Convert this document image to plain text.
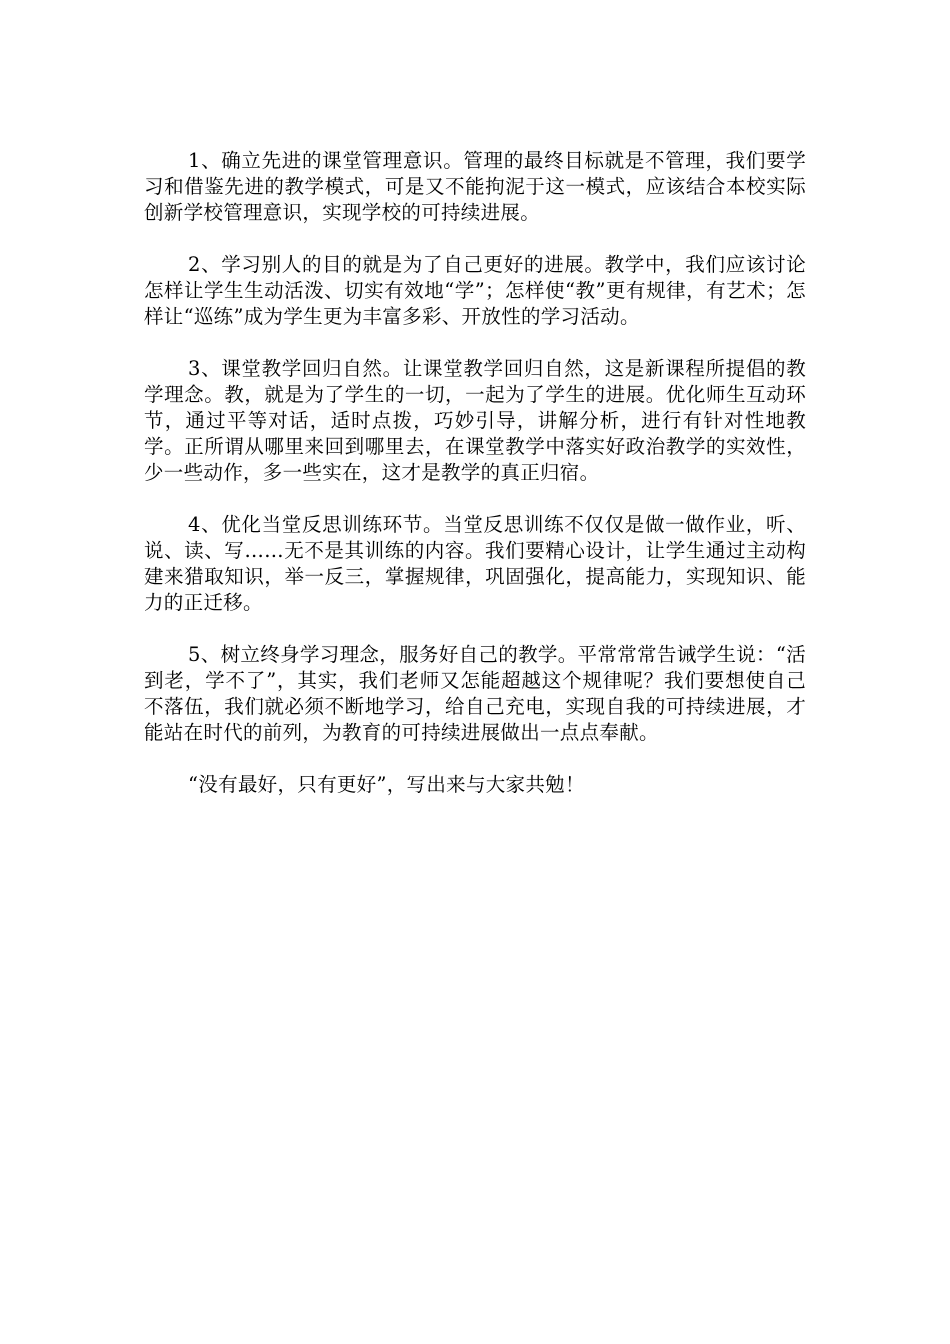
1、确立先进的课堂管理意识。管理的最终目标就是不管理，我们要学习和借鉴先进的教学模式，可是又不能拘泥于这一模式，应该结合本校实际创新学校管理意识，实现学校的可持续进展。

2、学习别人的目的就是为了自己更好的进展。教学中，我们应该讨论怎样让学生生动活泼、切实有效地“学”；怎样使“教”更有规律，有艺术；怎样让“巡练”成为学生更为丰富多彩、开放性的学习活动。

3、课堂教学回归自然。让课堂教学回归自然，这是新课程所提倡的教学理念。教，就是为了学生的一切，一起为了学生的进展。优化师生互动环节，通过平等对话，适时点拨，巧妙引导，讲解分析，进行有针对性地教学。正所谓从哪里来回到哪里去，在课堂教学中落实好政治教学的实效性，少一些动作，多一些实在，这才是教学的真正归宿。

4、优化当堂反思训练环节。当堂反思训练不仅仅是做一做作业，听、说、读、写……无不是其训练的内容。我们要精心设计，让学生通过主动构建来猎取知识，举一反三，掌握规律，巩固强化，提高能力，实现知识、能力的正迁移。

5、树立终身学习理念，服务好自己的教学。平常常常告诫学生说：“活到老，学不了”，其实，我们老师又怎能超越这个规律呢？我们要想使自己不落伍，我们就必须不断地学习，给自己充电，实现自我的可持续进展，才能站在时代的前列，为教育的可持续进展做出一点点奉献。

“没有最好，只有更好”，写出来与大家共勉！
